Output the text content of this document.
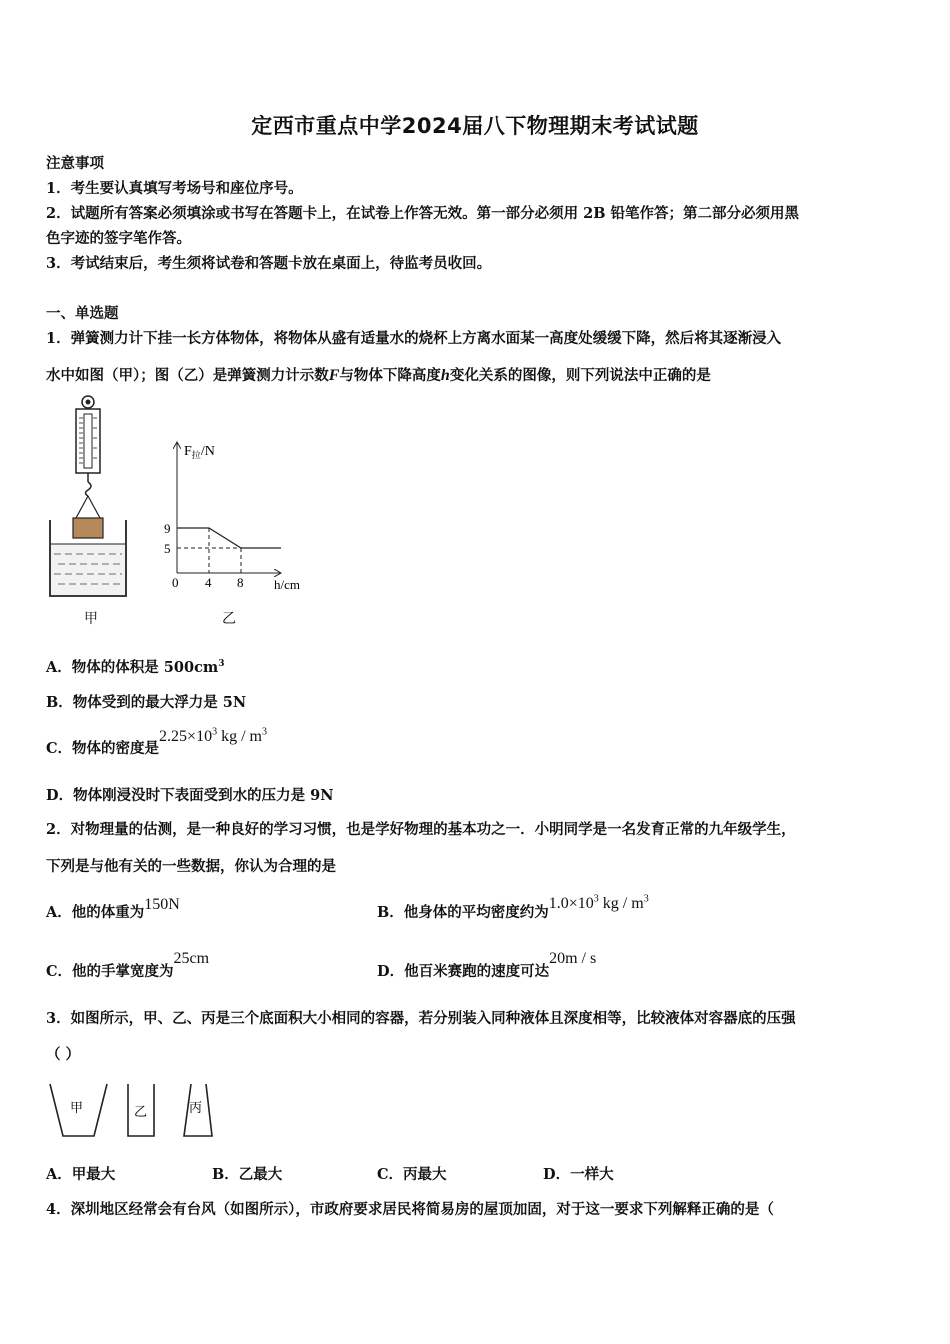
定西市重点中学2024届八下物理期末考试试题
注意事项
1．考生要认真填写考场号和座位序号。
2．试题所有答案必须填涂或书写在答题卡上，在试卷上作答无效。第一部分必须用 2B 铅笔作答；第二部分必须用黑
色字迹的签字笔作答。
3．考试结束后，考生须将试卷和答题卡放在桌面上，待监考员收回。
一、单选题
1．弹簧测力计下挂一长方体物体，将物体从盛有适量水的烧杯上方离水面某一高度处缓缓下降，然后将其逐渐浸入
水中如图（甲）；图（乙）是弹簧测力计示数F与物体下降高度h变化关系的图像，则下列说法中正确的是
甲
$F_拉/N$
h/cm
0 4 8
9
5
乙
A．物体的体积是 $500cm^3$
B．物体受到的最大浮力是 5N
C．物体的密度是$2.25\times 10^3$ kg / $m^3$
D．物体刚浸没时下表面受到水的压力是 9N
2．对物理量的估测，是一种良好的学习习惯，也是学好物理的基本功之一．小明同学是一名发育正常的九年级学生，
下列是与他有关的一些数据，你认为合理的是
A．他的体重为150N	B．他身体的平均密度约为$1.0\times 10^3$ kg / $m^3$
C．他的手掌宽度为25cm
D．他百米赛跑的速度可达20m / s
3．如图所示，甲、乙、丙是三个底面积大小相同的容器，若分别装入同种液体且深度相等，比较液体对容器底的压强
（ ）
甲	乙	丙
A．甲最大	B．乙最大	C．丙最大	D．一样大
4．深圳地区经常会有台风（如图所示），市政府要求居民将简易房的屋顶加固，对于这一要求下列解释正确的是（
